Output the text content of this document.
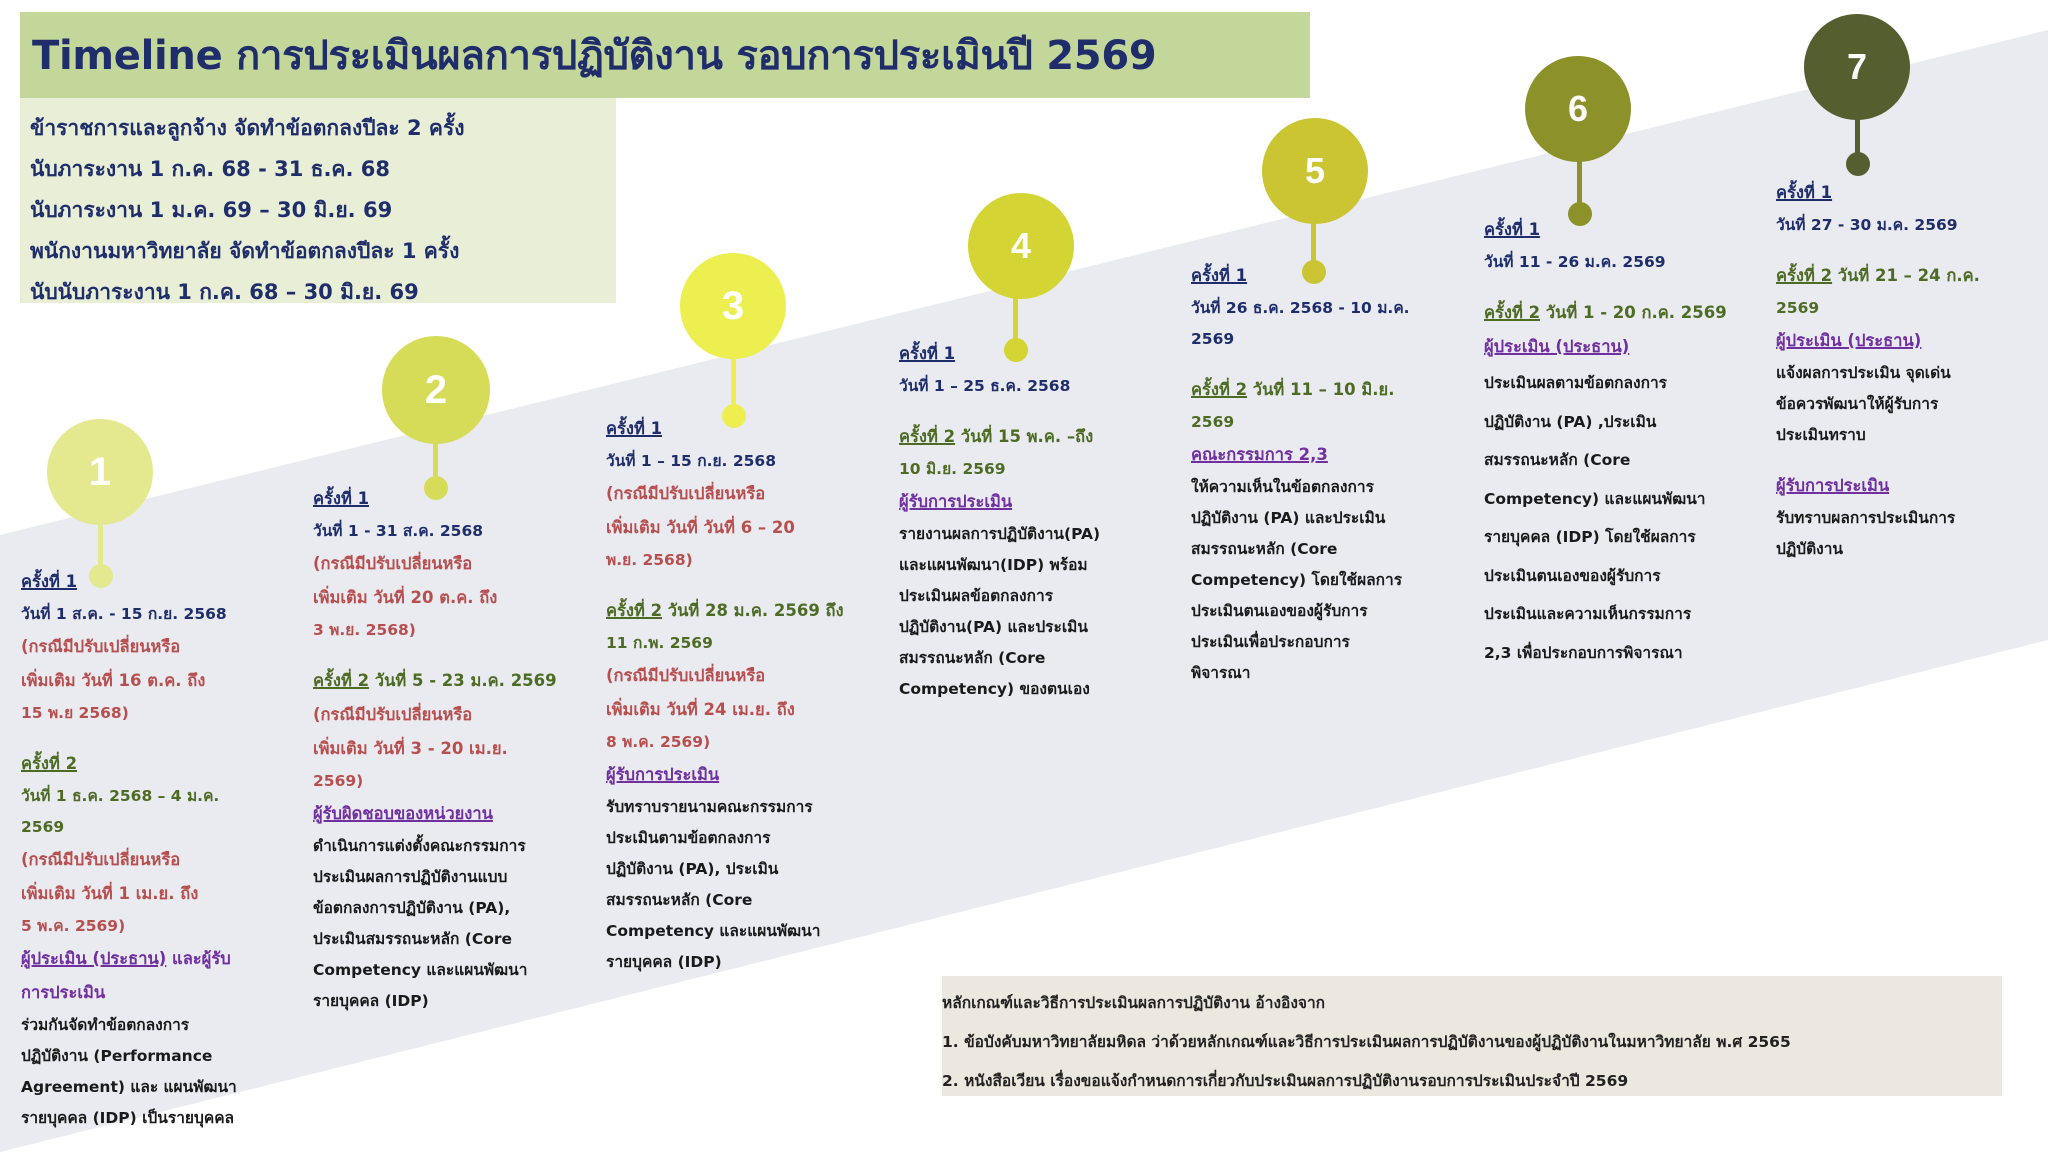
Timeline การประเมินผลการปฏิบัติงาน รอบการประเมินปี 2569
ข้าราชการและลูกจ้าง จัดทำข้อตกลงปีละ 2 ครั้ง
นับภาระงาน 1 ก.ค. 68 - 31 ธ.ค. 68
นับภาระงาน 1 ม.ค. 69 – 30 มิ.ย. 69
พนักงานมหาวิทยาลัย จัดทำข้อตกลงปีละ 1 ครั้ง
นับนับภาระงาน 1 ก.ค. 68 – 30 มิ.ย. 69
1
ครั้งที่ 1
วันที่ 1 ส.ค. - 15 ก.ย. 2568
(กรณีมีปรับเปลี่ยนหรือ
เพิ่มเติม วันที่ 16 ต.ค. ถึง
15 พ.ย 2568)
ครั้งที่ 2
วันที่ 1 ธ.ค. 2568 – 4 ม.ค.
2569
(กรณีมีปรับเปลี่ยนหรือ
เพิ่มเติม วันที่ 1 เม.ย. ถึง
5 พ.ค. 2569)
ผู้ประเมิน (ประธาน) และผู้รับ
การประเมิน
ร่วมกันจัดทำข้อตกลงการ
ปฏิบัติงาน (Performance
Agreement) และ แผนพัฒนา
รายบุคคล (IDP) เป็นรายบุคคล
2
ครั้งที่ 1
วันที่ 1 - 31 ส.ค. 2568
(กรณีมีปรับเปลี่ยนหรือ
เพิ่มเติม วันที่ 20 ต.ค. ถึง
3 พ.ย. 2568)
ครั้งที่ 2 วันที่ 5 - 23 ม.ค. 2569
(กรณีมีปรับเปลี่ยนหรือ
เพิ่มเติม วันที่ 3 - 20 เม.ย.
2569)
ผู้รับผิดชอบของหน่วยงาน
ดำเนินการแต่งตั้งคณะกรรมการ
ประเมินผลการปฏิบัติงานแบบ
ข้อตกลงการปฏิบัติงาน (PA),
ประเมินสมรรถนะหลัก (Core
Competency และแผนพัฒนา
รายบุคคล (IDP)
3
ครั้งที่ 1
วันที่ 1 – 15 ก.ย. 2568
(กรณีมีปรับเปลี่ยนหรือ
เพิ่มเติม วันที่ วันที่ 6 – 20
พ.ย. 2568)
ครั้งที่ 2 วันที่ 28 ม.ค. 2569 ถึง
11 ก.พ. 2569
(กรณีมีปรับเปลี่ยนหรือ
เพิ่มเติม วันที่ 24 เม.ย. ถึง
8 พ.ค. 2569)
ผู้รับการประเมิน
รับทราบรายนามคณะกรรมการ
ประเมินตามข้อตกลงการ
ปฏิบัติงาน (PA), ประเมิน
สมรรถนะหลัก (Core
Competency และแผนพัฒนา
รายบุคคล (IDP)
4
ครั้งที่ 1
วันที่ 1 – 25 ธ.ค. 2568
ครั้งที่ 2 วันที่ 15 พ.ค. –ถึง
10 มิ.ย. 2569
ผู้รับการประเมิน
รายงานผลการปฏิบัติงาน(PA)
และแผนพัฒนา(IDP) พร้อม
ประเมินผลข้อตกลงการ
ปฏิบัติงาน(PA) และประเมิน
สมรรถนะหลัก (Core
Competency) ของตนเอง
5
ครั้งที่ 1
วันที่ 26 ธ.ค. 2568 - 10 ม.ค.
2569
ครั้งที่ 2 วันที่ 11 – 10 มิ.ย.
2569
คณะกรรมการ 2,3
ให้ความเห็นในข้อตกลงการ
ปฏิบัติงาน (PA) และประเมิน
สมรรถนะหลัก (Core
Competency) โดยใช้ผลการ
ประเมินตนเองของผู้รับการ
ประเมินเพื่อประกอบการ
พิจารณา
6
ครั้งที่ 1
วันที่ 11 - 26 ม.ค. 2569
ครั้งที่ 2 วันที่ 1 - 20 ก.ค. 2569
ผู้ประเมิน (ประธาน)
ประเมินผลตามข้อตกลงการ
ปฏิบัติงาน (PA) ,ประเมิน
สมรรถนะหลัก (Core
Competency) และแผนพัฒนา
รายบุคคล (IDP) โดยใช้ผลการ
ประเมินตนเองของผู้รับการ
ประเมินและความเห็นกรรมการ
2,3 เพื่อประกอบการพิจารณา
7
ครั้งที่ 1
วันที่ 27 - 30 ม.ค. 2569
ครั้งที่ 2 วันที่ 21 – 24 ก.ค.
2569
ผู้ประเมิน (ประธาน)
แจ้งผลการประเมิน จุดเด่น
ข้อควรพัฒนาให้ผู้รับการ
ประเมินทราบ
ผู้รับการประเมิน
รับทราบผลการประเมินการ
ปฏิบัติงาน
หลักเกณฑ์และวิธีการประเมินผลการปฏิบัติงาน อ้างอิงจาก
1. ข้อบังคับมหาวิทยาลัยมหิดล ว่าด้วยหลักเกณฑ์และวิธีการประเมินผลการปฏิบัติงานของผู้ปฏิบัติงานในมหาวิทยาลัย พ.ศ 2565
2. หนังสือเวียน เรื่องขอแจ้งกำหนดการเกี่ยวกับประเมินผลการปฏิบัติงานรอบการประเมินประจำปี 2569
